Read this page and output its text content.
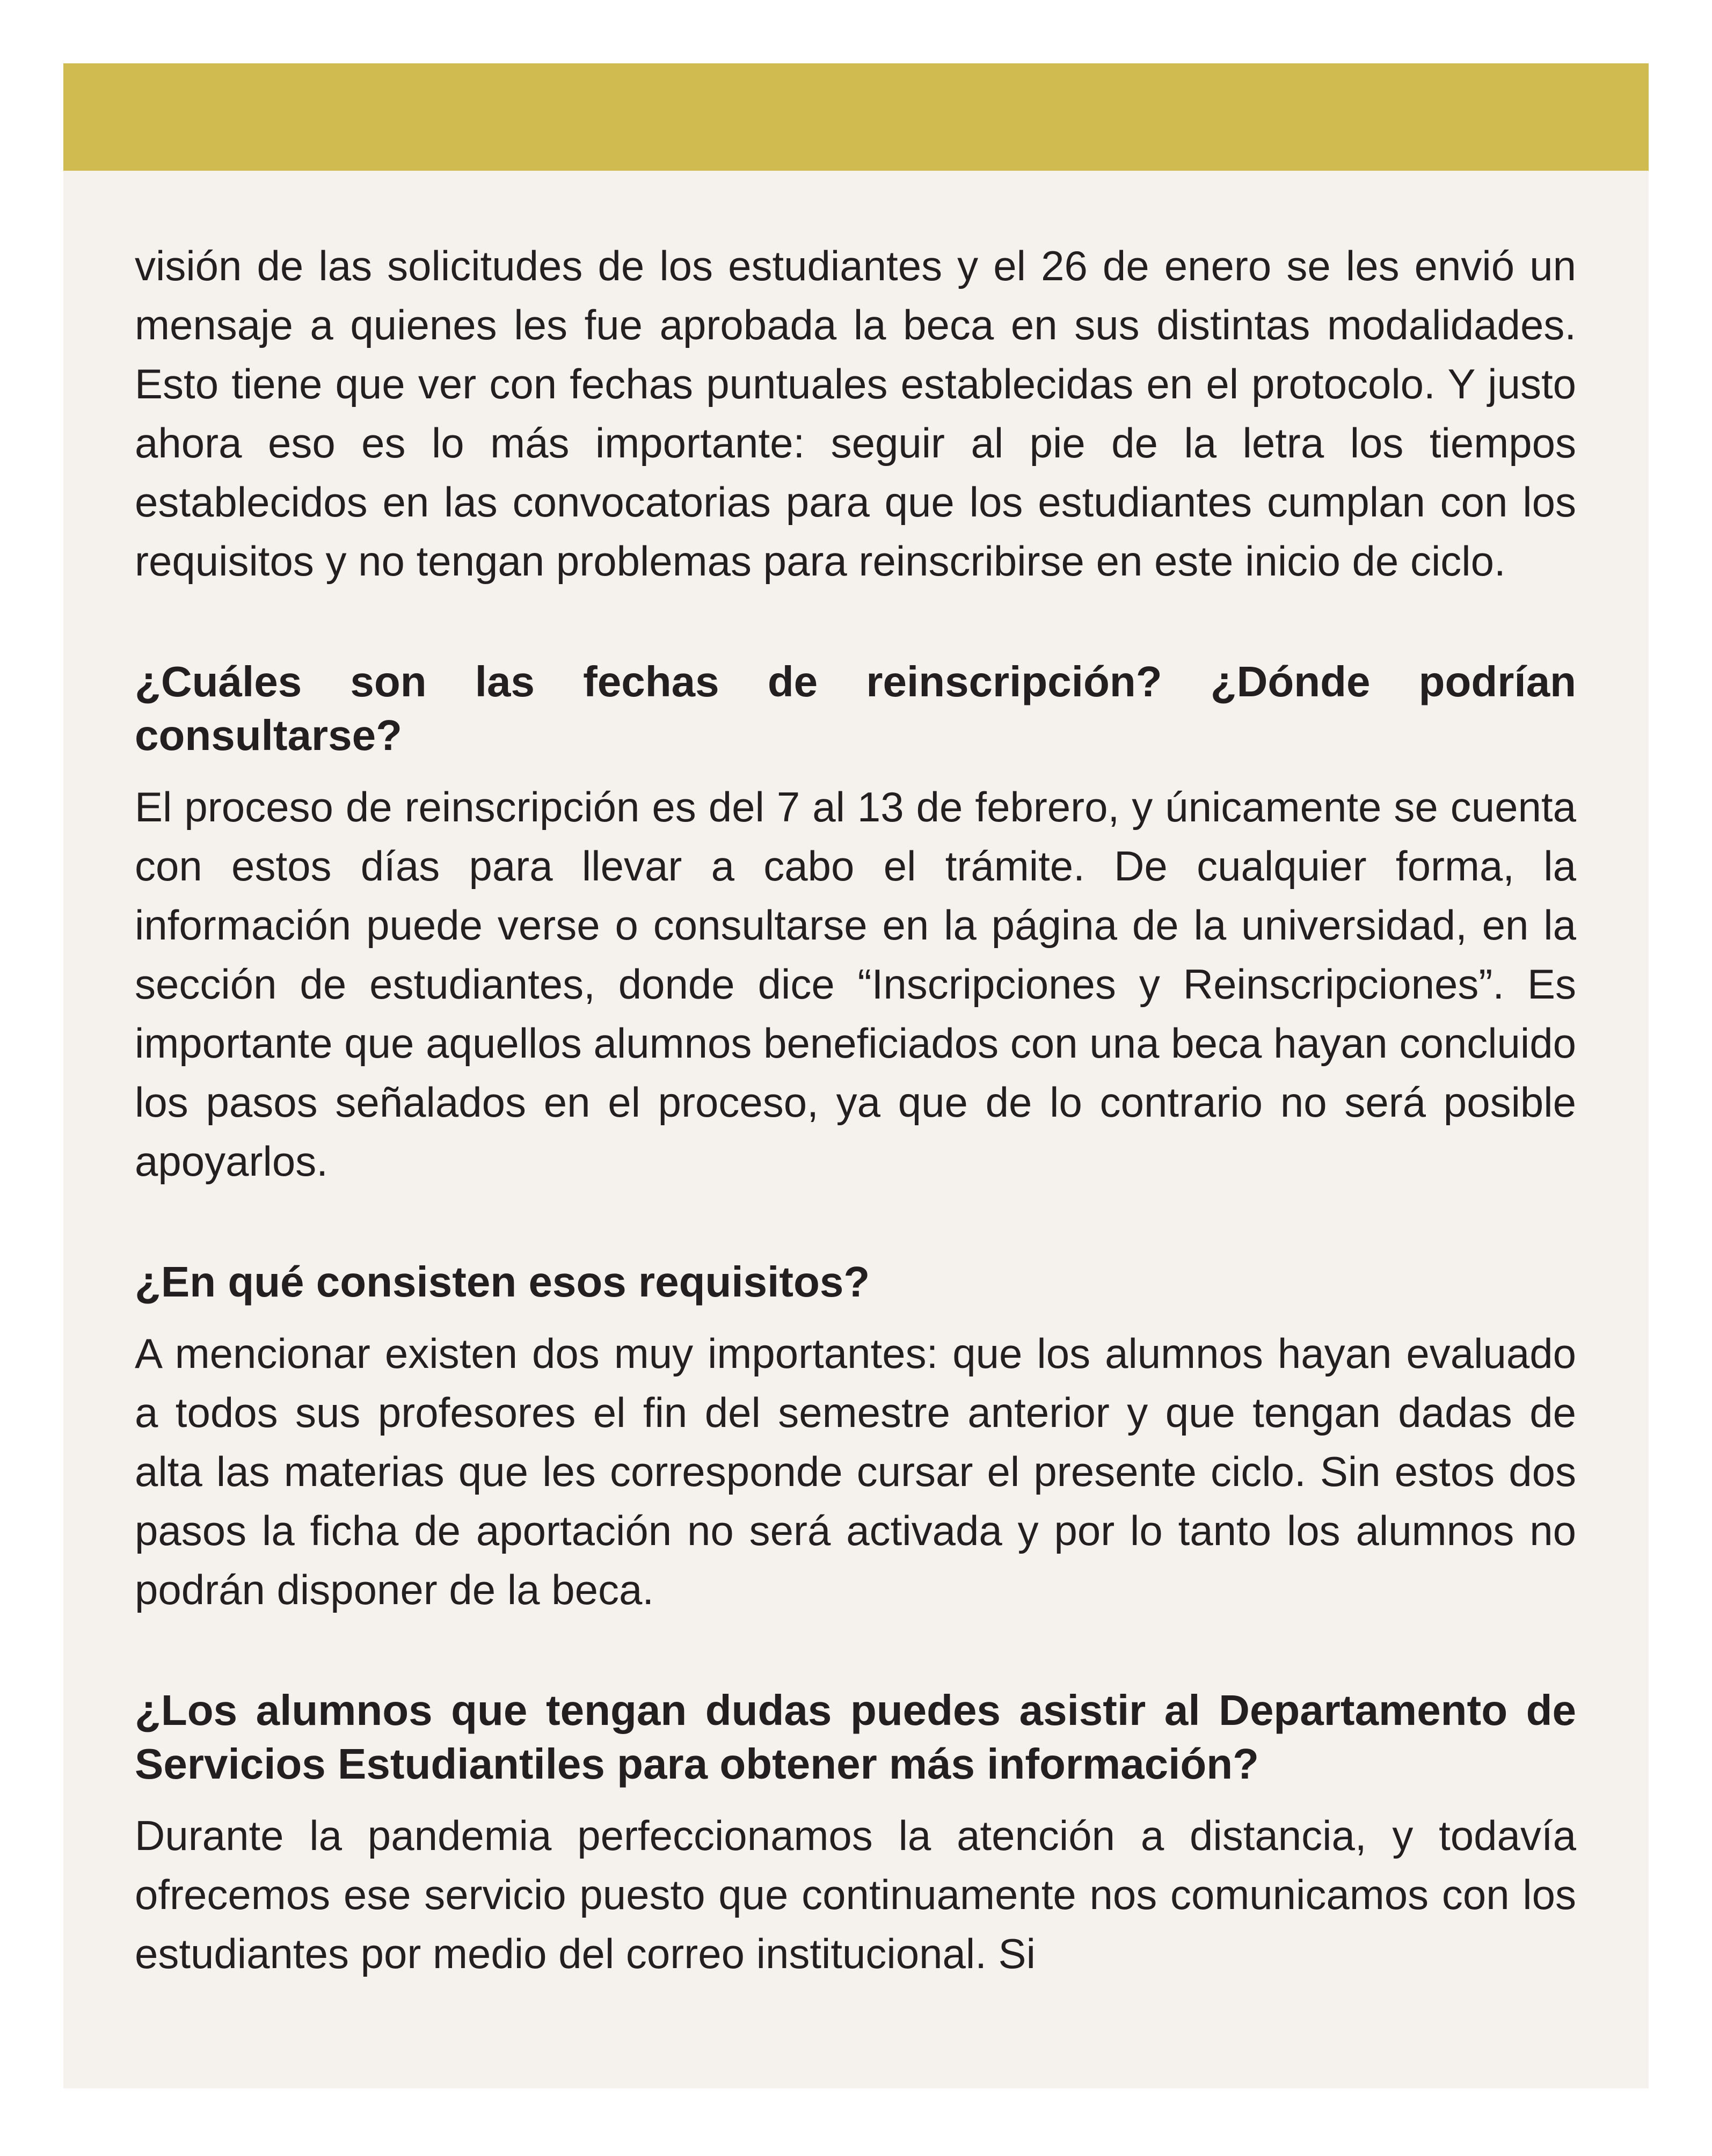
visión de las solicitudes de los estudiantes y el 26 de enero se les envió un mensaje a quienes les fue aprobada la beca en sus distintas modalidades. Esto tiene que ver con fechas puntuales establecidas en el protocolo. Y justo ahora eso es lo más importante: seguir al pie de la letra los tiempos establecidos en las convocatorias para que los estudiantes cumplan con los requisitos y no tengan problemas para reinscribirse en este inicio de ciclo.

¿Cuáles son las fechas de reinscripción? ¿Dónde podrían consultarse?

El proceso de reinscripción es del 7 al 13 de febrero, y únicamente se cuenta con estos días para llevar a cabo el trámite. De cualquier forma, la información puede verse o consultarse en la página de la universidad, en la sección de estudiantes, donde dice “Inscripciones y Reinscripciones”. Es importante que aquellos alumnos beneficiados con una beca hayan concluido los pasos señalados en el proceso, ya que de lo contrario no será posible apoyarlos.

¿En qué consisten esos requisitos?

A mencionar existen dos muy importantes: que los alumnos hayan evaluado a todos sus profesores el fin del semestre anterior y que tengan dadas de alta las materias que les corresponde cursar el presente ciclo. Sin estos dos pasos la ficha de aportación no será activada y por lo tanto los alumnos no podrán disponer de la beca.

¿Los alumnos que tengan dudas puedes asistir al Departamento de Servicios Estudiantiles para obtener más información?

Durante la pandemia perfeccionamos la atención a distancia, y todavía ofrecemos ese servicio puesto que continuamente nos comunicamos con los estudiantes por medio del correo institucional. Si
